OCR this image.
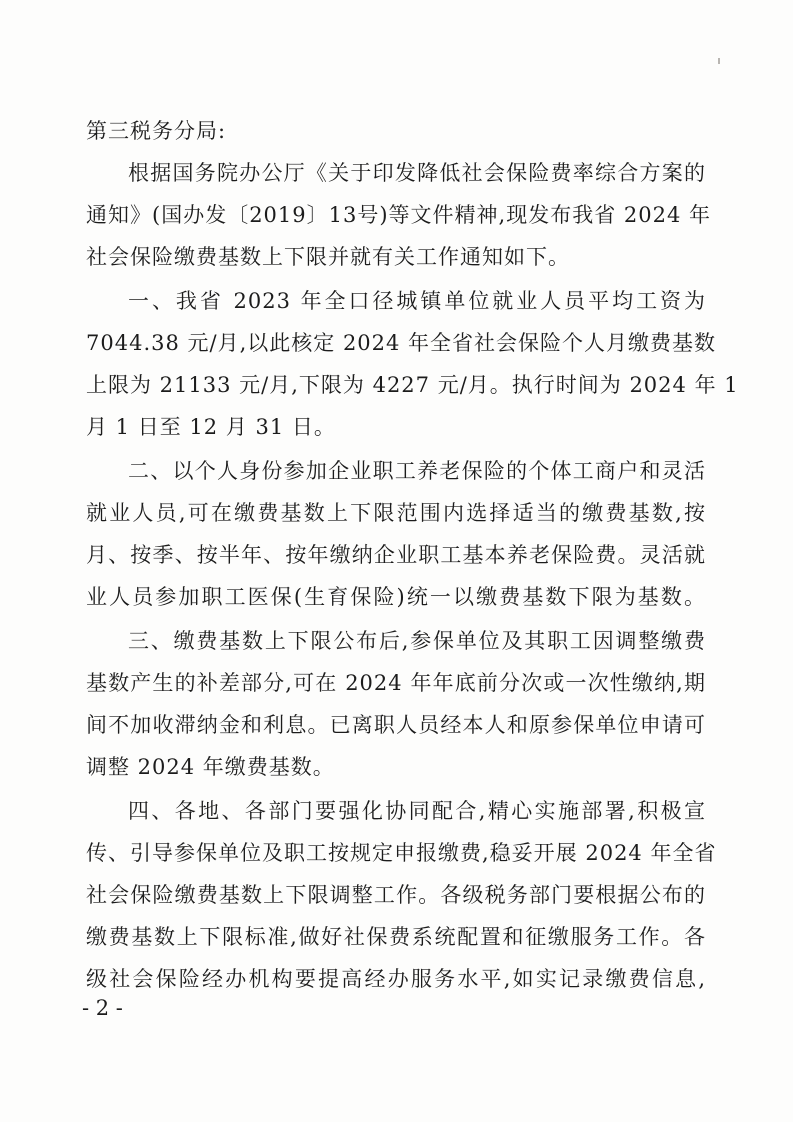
第三税务分局:
根据国务院办公厅《关于印发降低社会保险费率综合方案的
通知》(国办发〔2019〕13号)等文件精神,现发布我省 2024 年
社会保险缴费基数上下限并就有关工作通知如下。
一、我省 2023 年全口径城镇单位就业人员平均工资为
7044.38 元/月,以此核定 2024 年全省社会保险个人月缴费基数
上限为 21133 元/月,下限为 4227 元/月。执行时间为 2024 年 1
月 1 日至 12 月 31 日。
二、以个人身份参加企业职工养老保险的个体工商户和灵活
就业人员,可在缴费基数上下限范围内选择适当的缴费基数,按
月、按季、按半年、按年缴纳企业职工基本养老保险费。灵活就
业人员参加职工医保(生育保险)统一以缴费基数下限为基数。
三、缴费基数上下限公布后,参保单位及其职工因调整缴费
基数产生的补差部分,可在 2024 年年底前分次或一次性缴纳,期
间不加收滞纳金和利息。已离职人员经本人和原参保单位申请可
调整 2024 年缴费基数。
四、各地、各部门要强化协同配合,精心实施部署,积极宣
传、引导参保单位及职工按规定申报缴费,稳妥开展 2024 年全省
社会保险缴费基数上下限调整工作。各级税务部门要根据公布的
缴费基数上下限标准,做好社保费系统配置和征缴服务工作。各
级社会保险经办机构要提高经办服务水平,如实记录缴费信息,
- 2 -
